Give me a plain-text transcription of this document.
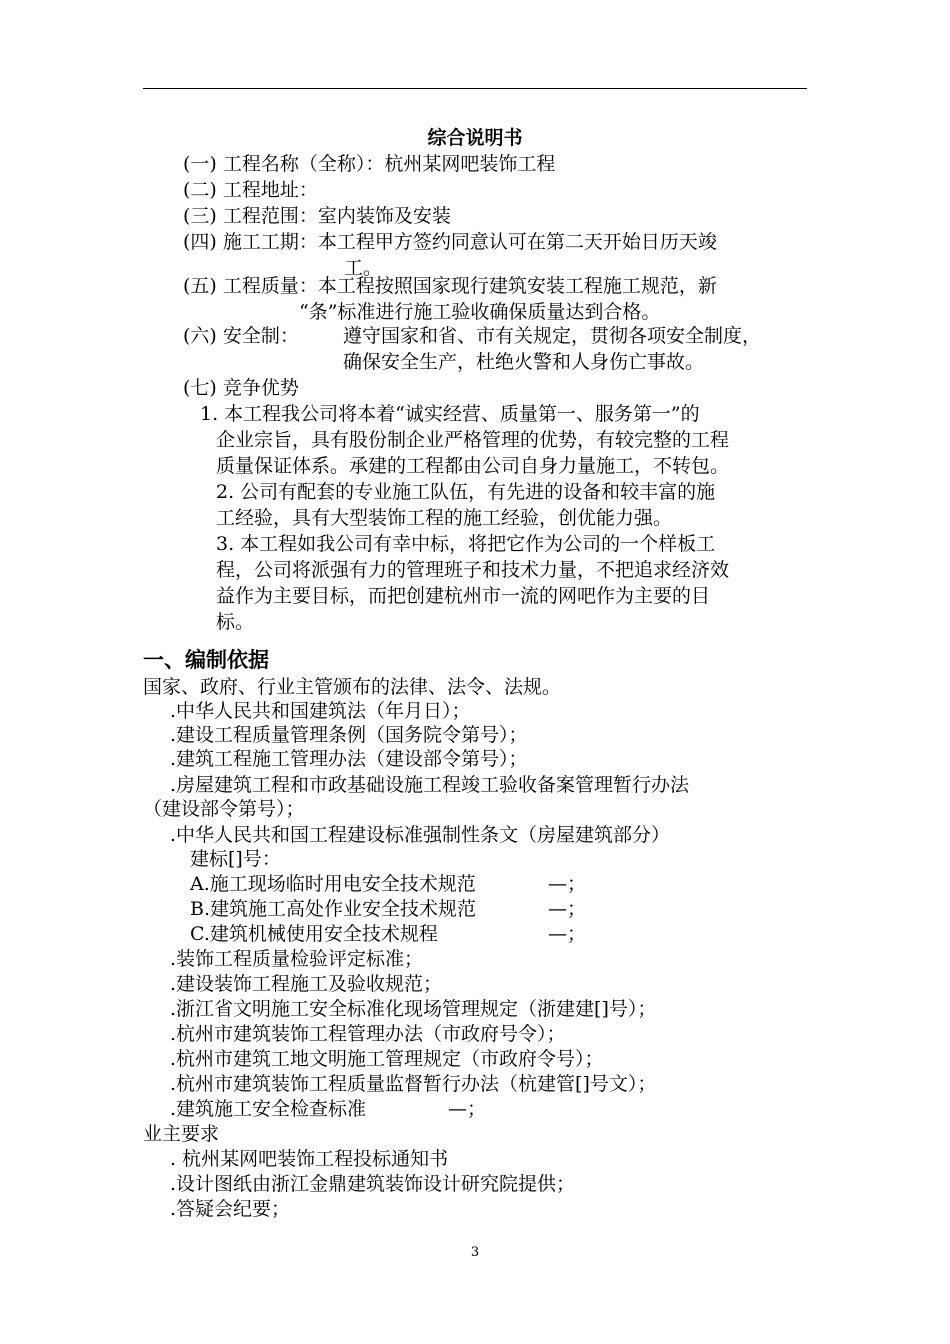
综合说明书
(一) 工程名称（全称）：杭州某网吧装饰工程
(二) 工程地址：
(三) 工程范围：室内装饰及安装
(四) 施工工期：本工程甲方签约同意认可在第二天开始日历天竣
工。
(五) 工程质量：本工程按照国家现行建筑安装工程施工规范，新
“条”标准进行施工验收确保质量达到合格。
(六) 安全制： 遵守国家和省、市有关规定，贯彻各项安全制度，
确保安全生产，杜绝火警和人身伤亡事故。
(七) 竞争优势
1. 本工程我公司将本着“诚实经营、质量第一、服务第一”的
企业宗旨，具有股份制企业严格管理的优势，有较完整的工程
质量保证体系。承建的工程都由公司自身力量施工，不转包。
2. 公司有配套的专业施工队伍，有先进的设备和较丰富的施
工经验，具有大型装饰工程的施工经验，创优能力强。
3. 本工程如我公司有幸中标，将把它作为公司的一个样板工
程，公司将派强有力的管理班子和技术力量，不把追求经济效
益作为主要目标，而把创建杭州市一流的网吧作为主要的目
标。
一、编制依据
国家、政府、行业主管颁布的法律、法令、法规。
.中华人民共和国建筑法（年月日）；
.建设工程质量管理条例（国务院令第号）；
.建筑工程施工管理办法（建设部令第号）；
.房屋建筑工程和市政基础设施工程竣工验收备案管理暂行办法
（建设部令第号）；
.中华人民共和国工程建设标准强制性条文（房屋建筑部分）
建标[]号：
A.施工现场临时用电安全技术规范	—；
B.建筑施工高处作业安全技术规范	—；
C.建筑机械使用安全技术规程	—；
.装饰工程质量检验评定标准；
.建设装饰工程施工及验收规范；
.浙江省文明施工安全标准化现场管理规定（浙建建[]号）；
.杭州市建筑装饰工程管理办法（市政府号令）；
.杭州市建筑工地文明施工管理规定（市政府令号）；
.杭州市建筑装饰工程质量监督暂行办法（杭建管[]号文）；
.建筑施工安全检查标准	—；
业主要求
. 杭州某网吧装饰工程投标通知书
.设计图纸由浙江金鼎建筑装饰设计研究院提供；
.答疑会纪要；
3
